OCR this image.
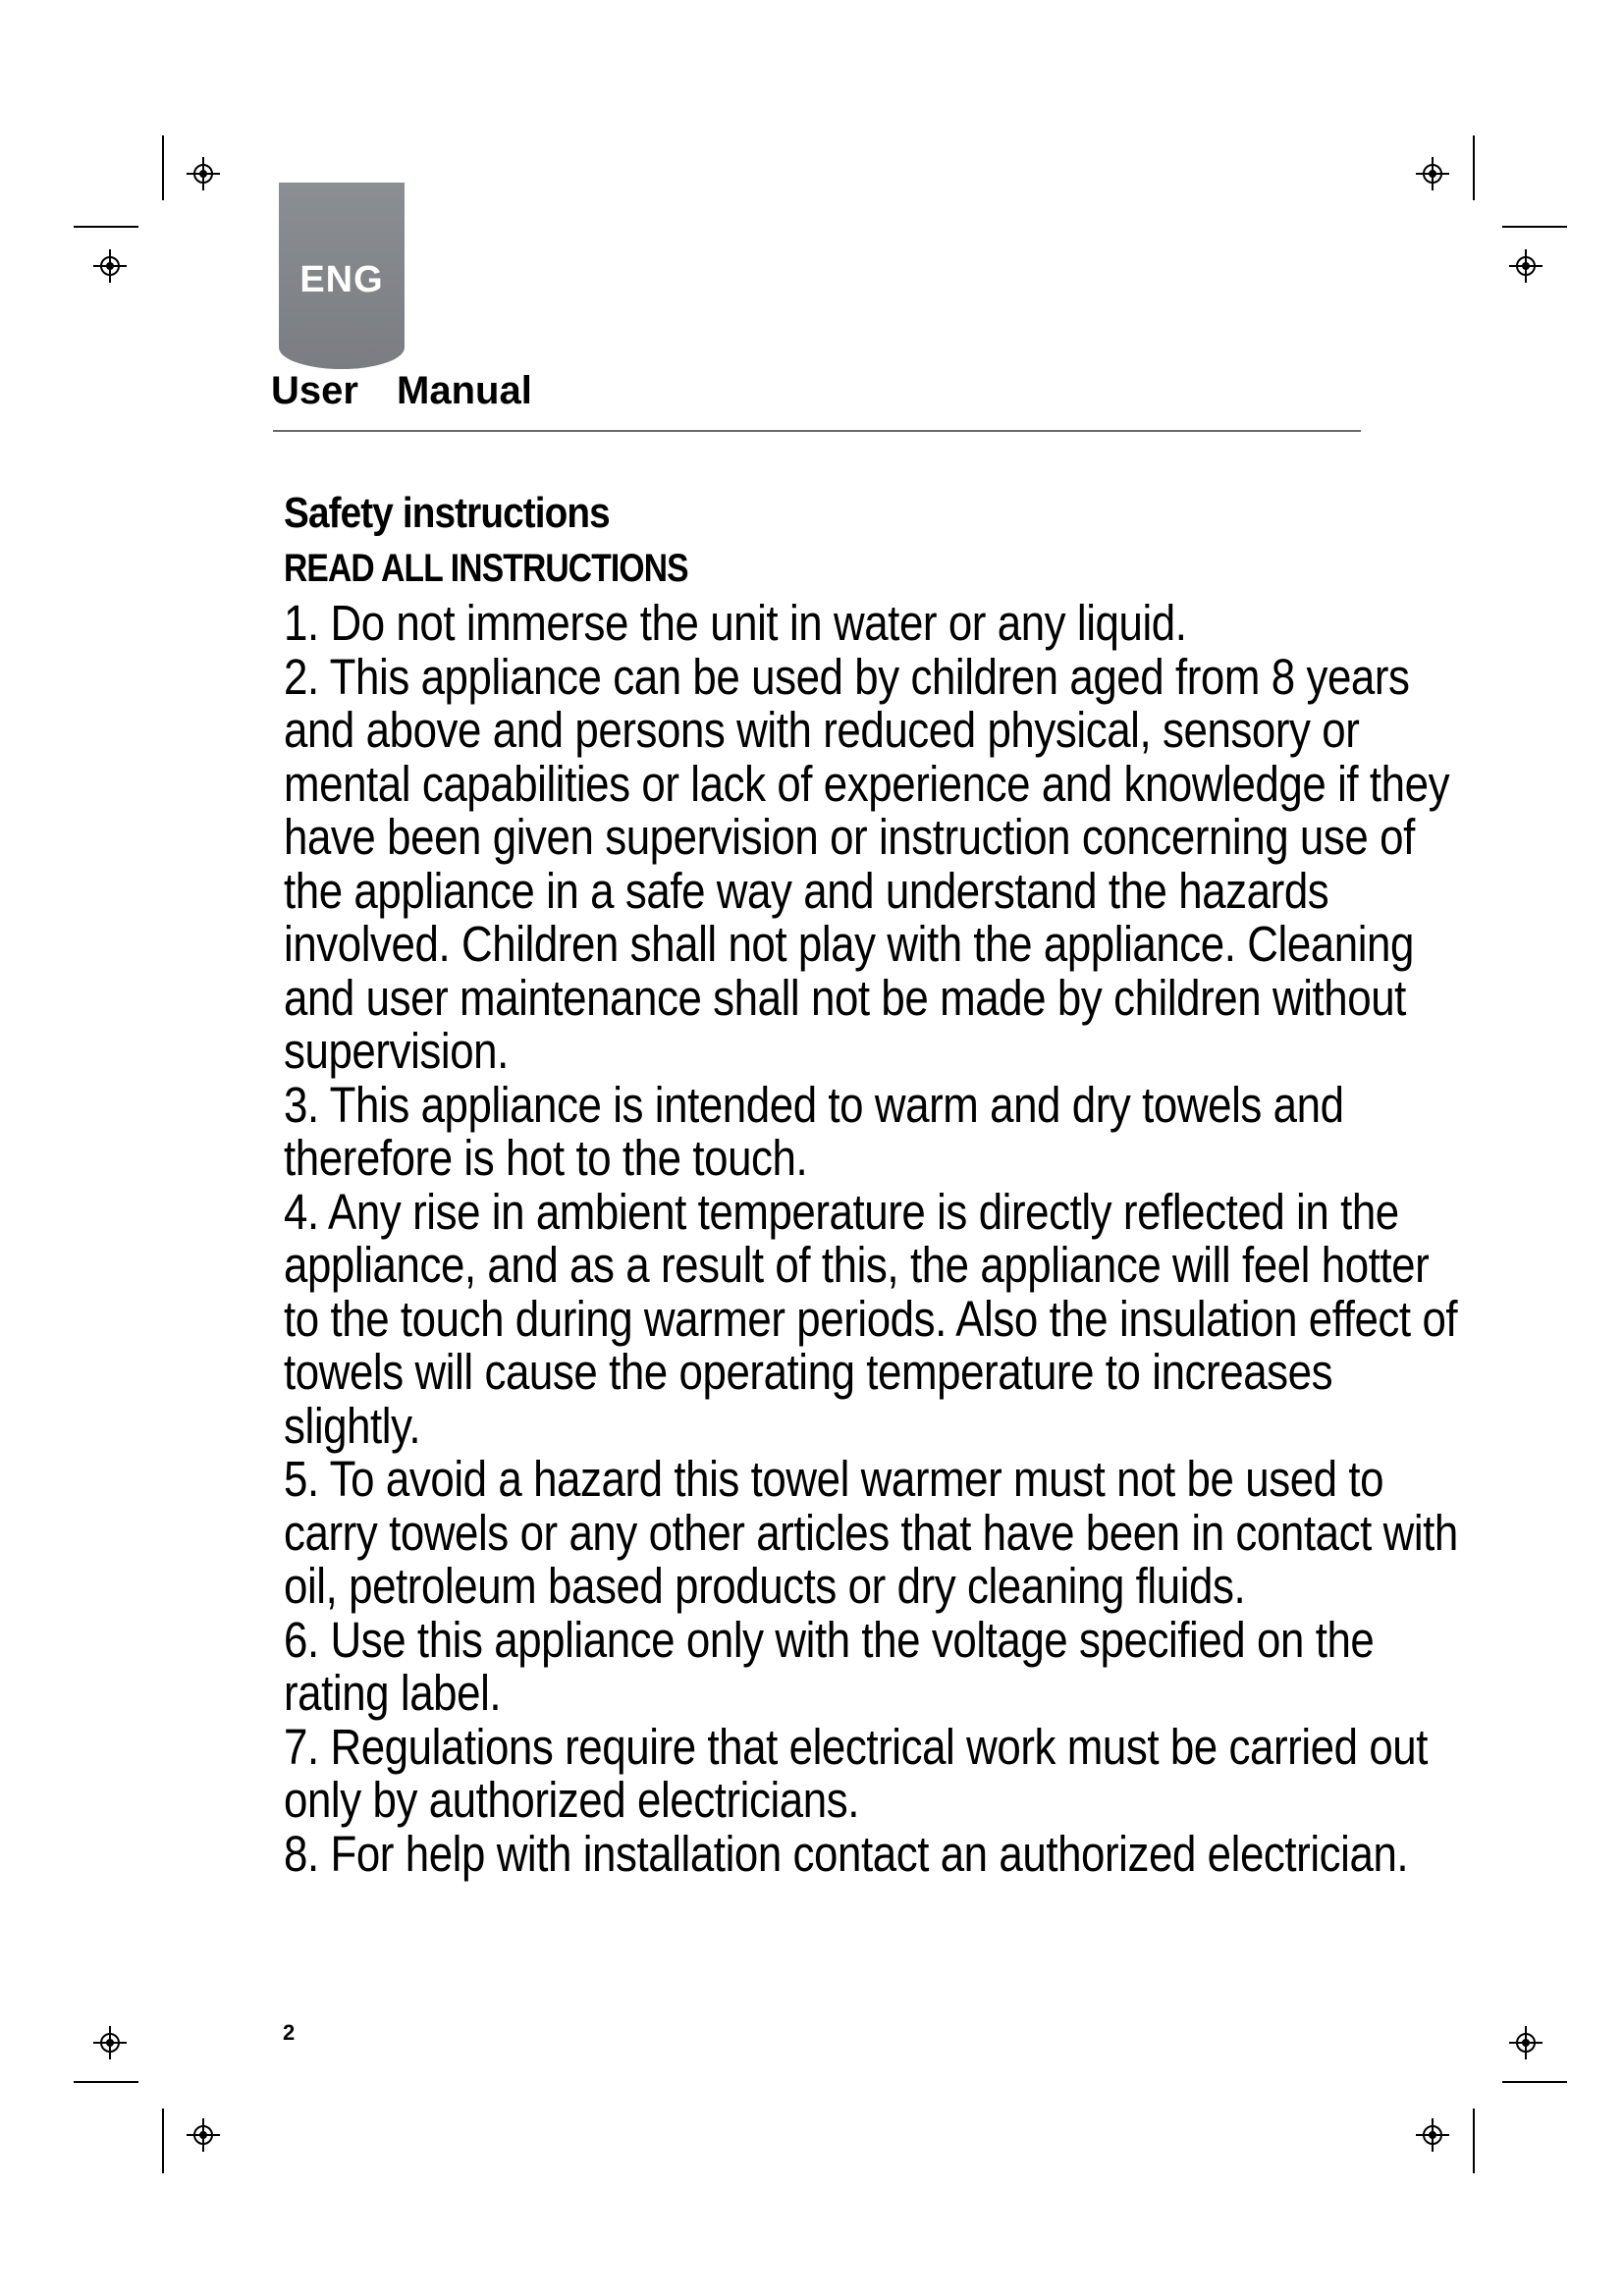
ENG
User Manual
Safety instructions
READ ALL INSTRUCTIONS
1. Do not immerse the unit in water or any liquid.
2. This appliance can be used by children aged from 8 years and above and persons with reduced physical, sensory or mental capabilities or lack of experience and knowledge if they have been given supervision or instruction concerning use of the appliance in a safe way and understand the hazards involved. Children shall not play with the appliance. Cleaning and user maintenance shall not be made by children without supervision.
3. This appliance is intended to warm and dry towels and therefore is hot to the touch.
4. Any rise in ambient temperature is directly reflected in the appliance, and as a result of this, the appliance will feel hotter to the touch during warmer periods. Also the insulation effect of towels will cause the operating temperature to increases slightly.
5. To avoid a hazard this towel warmer must not be used to carry towels or any other articles that have been in contact with oil, petroleum based products or dry cleaning fluids.
6. Use this appliance only with the voltage specified on the rating label.
7. Regulations require that electrical work must be carried out only by authorized electricians.
8. For help with installation contact an authorized electrician.
2
